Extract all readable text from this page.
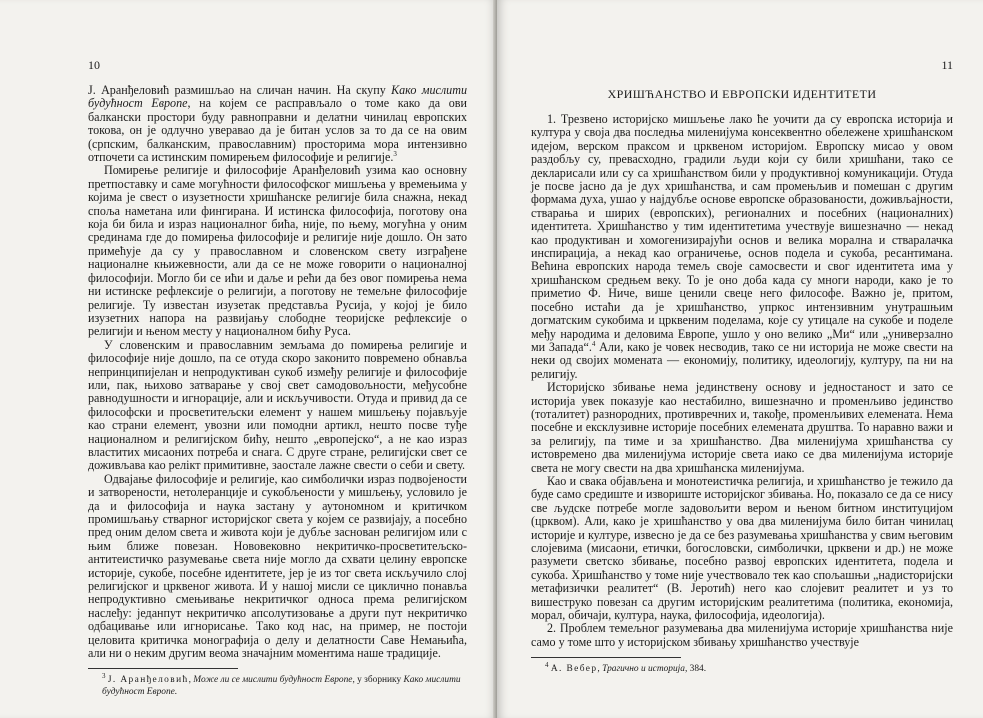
10

Ј. Аранђеловић размишљао на сличан начин. На скупу Како мислити будућност Европе, на којем се расправљало о томе како да ови балкански простори буду равноправни и делатни чинилац европских токова, он је одлучно уверавао да је битан услов за то да се на овим (српским, балканским, православним) просторима мора интензивно отпочети са истинским помирењем философије и религије.$^3$

Помирење религије и философије Аранђеловић узима као основну претпоставку и саме могућности философског мишљења у времењима у којима је свест о изузетности хришћанске религије била снажна, некад споља наметана или фингирана. И истинска философија, поготову она која би била и израз националног бића, није, по њему, могућна у оним срединама где до помирења философије и религије није дошло. Он зато примећује да су у православном и словенском свету изграђене националне књижевности, али да се не може говорити о националној философији. Могло би се ићи и даље и рећи да без овог помирења нема ни истинске рефлексије о религији, а поготову не темељне философије религије. Ту известан изузетак представља Русија, у којој је било изузетних напора на развијању слободне теоријске рефлексије о религији и њеном месту у националном бићу Руса.

У словенским и православним земљама до помирења религије и философије није дошло, па се отуда скоро законито повремено обнавља непринципијелан и непродуктиван сукоб између религије и философије или, пак, њихово затварање у свој свет самодовољности, међусобне равнодушности и игнорације, али и искључивости. Отуда и привид да се философски и просветитељски елемент у нашем мишљењу појављује као страни елемент, увозни или помодни артикл, нешто посве туђе националном и религијском бићу, нешто „европејско“, а не као израз властитих мисаоних потреба и снага. С друге стране, религијски свет се доживљава као релікт примитивне, заостале лажне свести о себи и свету.

Одвајање философије и религије, као симболички израз подвојености и затворености, нетолеранције и сукобљености у мишљењу, условило је да и философија и наука застану у аутономном и критичком промишљању стварног историјског света у којем се развијају, а посебно пред оним делом света и живота који је дубље заснован религијом или с њим ближе повезан. Нововековно некритичко-просветитељско-антитеистичко разумевање света није могло да схвати целину европске историје, сукобе, посебне идентитете, јер је из тог света искључило слој религијског и црквеног живота. И у нашој мисли се циклично понавља непродуктивно смењивање некритичког односа према религијском наслеђу: једанпут некритичко апсолутизовање а други пут некритичко одбацивање или игнорисање. Тако код нас, на пример, не постоји целовита критичка монографија о делу и делатности Саве Немањића, али ни о неким другим веома значајним моментима наше традиције.

$^3$ Ј. Аранђеловић, Може ли се мислити будућност Европе, у зборнику Како мислити будућност Европе.

11
ХРИШЋАНСТВО И ЕВРОПСКИ ИДЕНТИТЕТИ

1. Трезвено историјско мишљење лако ће уочити да су европска историја и култура у своја два последња миленијума консеквентно обележене хришћанском идејом, верском праксом и црквеном историјом. Европску мисао у овом раздобљу су, превасходно, градили људи који су били хришћани, тако се декларисали или су са хришћанством били у продуктивној комуникацији. Отуда је посве јасно да је дух хришћанства, и сам промењљив и помешан с другим формама духа, ушао у најдубље основе европске образованости, доживљајности, стварања и ширих (европских), регионалних и посебних (националних) идентитета. Хришћанство у тим идентитетима учествује вишезначно — некад као продуктиван и хомогенизирајући основ и велика морална и стваралачка инспирација, а некад као ограничење, основ подела и сукоба, ресантимана. Већина европских народа темељ своје самосвести и свог идентитета има у хришћанском средњем веку. То је оно доба када су многи народи, како је то приметио Ф. Ниче, више ценили свеце него философе. Важно је, притом, посебно истаћи да је хришћанство, упркос интензивним унутрашњим догматским сукобима и црквеним поделама, које су утицале на сукобе и поделе међу народима и деловима Европе, ушло у оно велико „Ми“ или „универзално ми Запада“.$^4$ Али, како је човек несводив, тако се ни историја не може свести на неки од својих момената — економију, политику, идеологију, културу, па ни на религију.

Историјско збивање нема јединствену основу и једностаност и зато се историја увек показује као нестабилно, вишезначно и променљиво јединство (тоталитет) разнородних, противречних и, такође, променљивих елемената. Нема посебне и ексклузивне историје посебних елемената друштва. То наравно важи и за религију, па тиме и за хришћанство. Два миленијума хришћанства су истовремено два миленијума историје света иако се два миленијума историје света не могу свести на два хришћанска миленијума.

Као и свака објављена и монотеистичка религија, и хришћанство је тежило да буде само средиште и извориште историјског збивања. Но, показало се да се нису све људске потребе могле задовољити вером и њеном битном институцијом (црквом). Али, како је хришћанство у ова два миленијума било битан чинилац историје и културе, извесно је да се без разумевања хришћанства у свим његовим слојевима (мисаони, етички, богословски, симболички, црквени и др.) не може разумети светско збивање, посебно развој европских идентитета, подела и сукоба. Хришћанство у томе није учествовало тек као спољашњи „надисторијски метафизички реалитет“ (В. Јеротић) него као слојевит реалитет и уз то вишеструко повезан са другим историјским реалитетима (политика, економија, морал, обичаји, култура, наука, философија, идеологија).

2. Проблем темељног разумевања два миленијума историје хришћанства није само у томе што у историјском збивању хришћанство учествује

$^4$ А. Вебер, Трагично и историја, 384.
